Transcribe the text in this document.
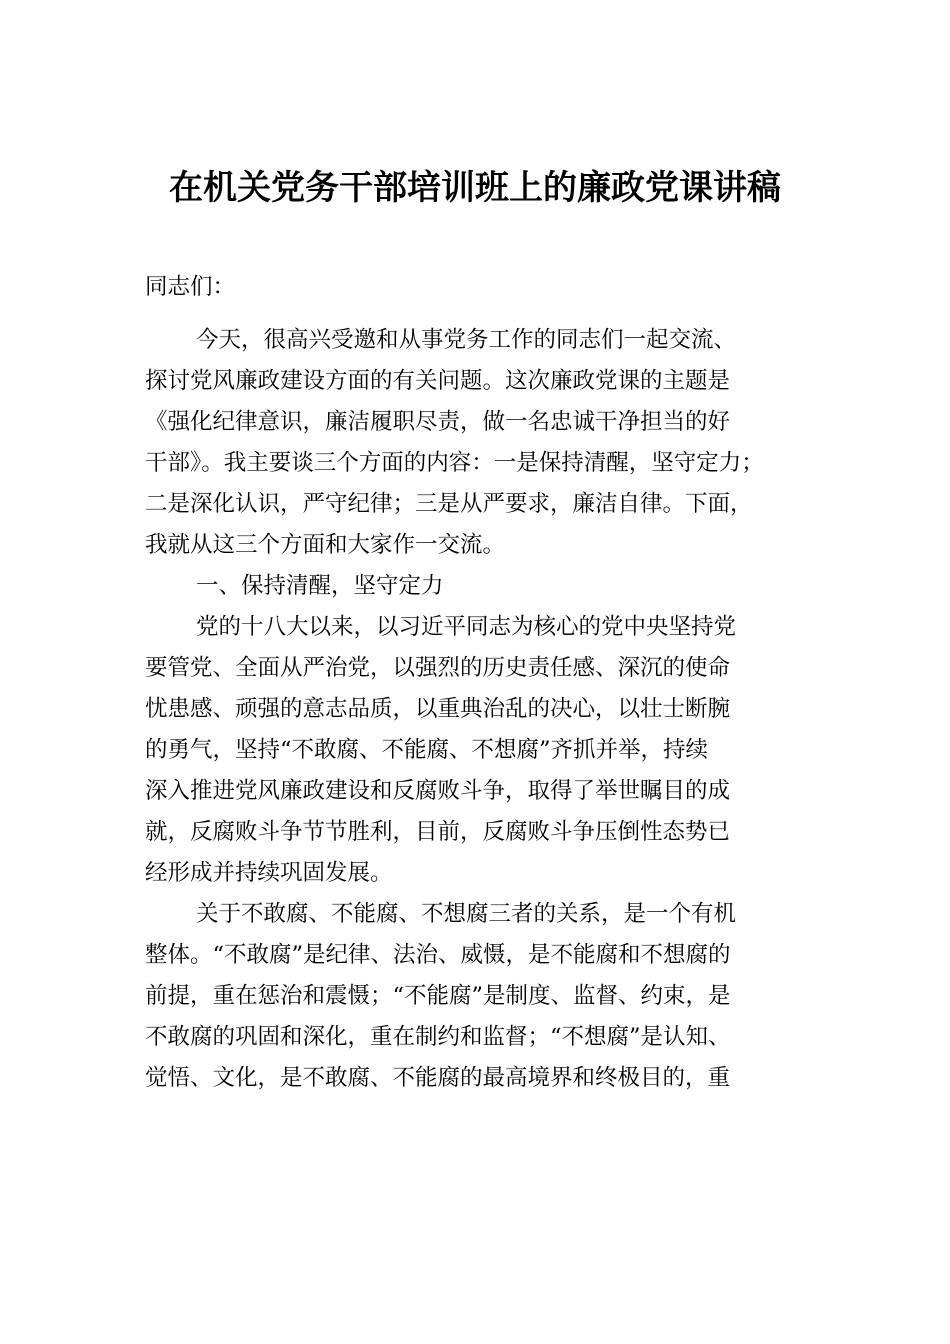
在机关党务干部培训班上的廉政党课讲稿
同志们：
今天，很高兴受邀和从事党务工作的同志们一起交流、
探讨党风廉政建设方面的有关问题。这次廉政党课的主题是
《强化纪律意识，廉洁履职尽责，做一名忠诚干净担当的好
干部》。我主要谈三个方面的内容：一是保持清醒，坚守定力；
二是深化认识，严守纪律；三是从严要求，廉洁自律。下面，
我就从这三个方面和大家作一交流。
一、保持清醒，坚守定力
党的十八大以来，以习近平同志为核心的党中央坚持党
要管党、全面从严治党，以强烈的历史责任感、深沉的使命
忧患感、顽强的意志品质，以重典治乱的决心，以壮士断腕
的勇气，坚持“不敢腐、不能腐、不想腐”齐抓并举，持续
深入推进党风廉政建设和反腐败斗争，取得了举世瞩目的成
就，反腐败斗争节节胜利，目前，反腐败斗争压倒性态势已
经形成并持续巩固发展。
关于不敢腐、不能腐、不想腐三者的关系，是一个有机
整体。“不敢腐”是纪律、法治、威慑，是不能腐和不想腐的
前提，重在惩治和震慑；“不能腐”是制度、监督、约束，是
不敢腐的巩固和深化，重在制约和监督；“不想腐”是认知、
觉悟、文化，是不敢腐、不能腐的最高境界和终极目的，重
